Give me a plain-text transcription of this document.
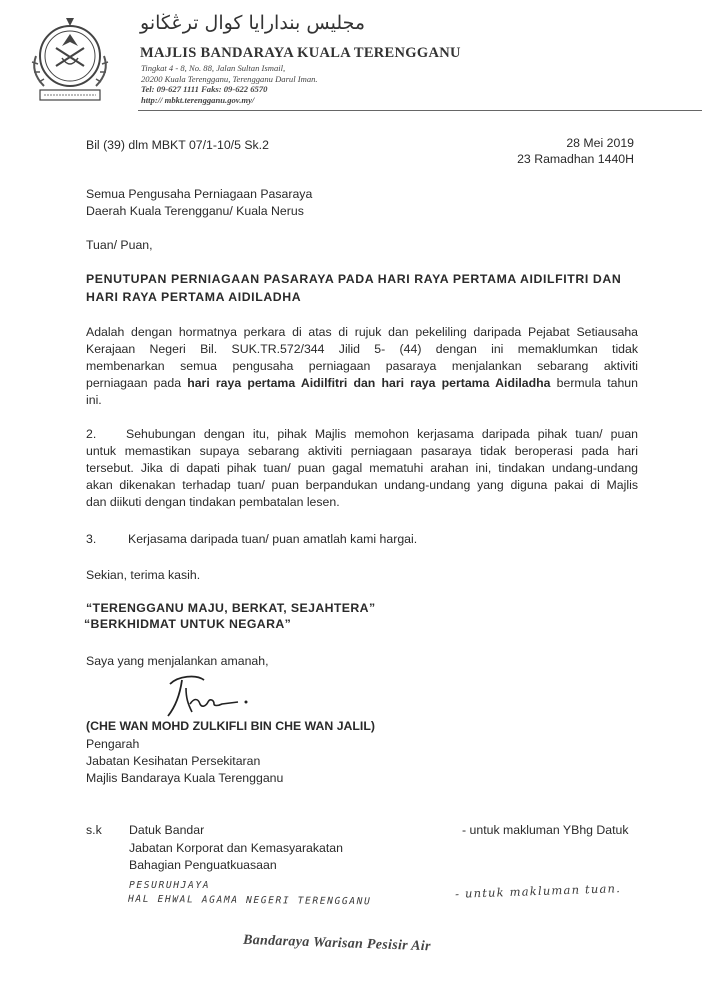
مجليس بندارايا كوال ترڠڬانو
MAJLIS BANDARAYA KUALA TERENGGANU
Tingkat 4 - 8, No. 88, Jalan Sultan Ismail,
20200 Kuala Terengganu, Terengganu Darul Iman.
Tel: 09-627 1111 Faks: 09-622 6570
http:// mbkt.terengganu.gov.my/
Bil (39) dlm MBKT 07/1-10/5 Sk.2	28 Mei 2019
23 Ramadhan 1440H
Semua Pengusaha Perniagaan Pasaraya
Daerah Kuala Terengganu/ Kuala Nerus
Tuan/ Puan,
PENUTUPAN PERNIAGAAN PASARAYA PADA HARI RAYA PERTAMA AIDILFITRI DAN
HARI RAYA PERTAMA AIDILADHA
Adalah dengan hormatnya perkara di atas di rujuk dan pekeliling daripada Pejabat Setiausaha
Kerajaan Negeri Bil. SUK.TR.572/344 Jilid 5- (44) dengan ini memaklumkan tidak
membenarkan semua pengusaha perniagaan pasaraya menjalankan sebarang aktiviti
perniagaan pada hari raya pertama Aidilfitri dan hari raya pertama Aidiladha bermula tahun
ini.
2. Sehubungan dengan itu, pihak Majlis memohon kerjasama daripada pihak tuan/ puan
untuk memastikan supaya sebarang aktiviti perniagaan pasaraya tidak beroperasi pada hari
tersebut. Jika di dapati pihak tuan/ puan gagal mematuhi arahan ini, tindakan undang-undang
akan dikenakan terhadap tuan/ puan berpandukan undang-undang yang diguna pakai di Majlis
dan diikuti dengan tindakan pembatalan lesen.
3.	Kerjasama daripada tuan/ puan amatlah kami hargai.
Sekian, terima kasih.
“TERENGGANU MAJU, BERKAT, SEJAHTERA”
“BERKHIDMAT UNTUK NEGARA”
Saya yang menjalankan amanah,
(CHE WAN MOHD ZULKIFLI BIN CHE WAN JALIL)
Pengarah
Jabatan Kesihatan Persekitaran
Majlis Bandaraya Kuala Terengganu
s.k Datuk Bandar	- untuk makluman YBhg Datuk
Jabatan Korporat dan Kemasyarakatan
Bahagian Penguatkuasaan
PESURUHJAYA
HAL EHWAL AGAMA NEGERI TERENGGANU	- untuk makluman tuan.
Bandaraya Warisan Pesisir Air
